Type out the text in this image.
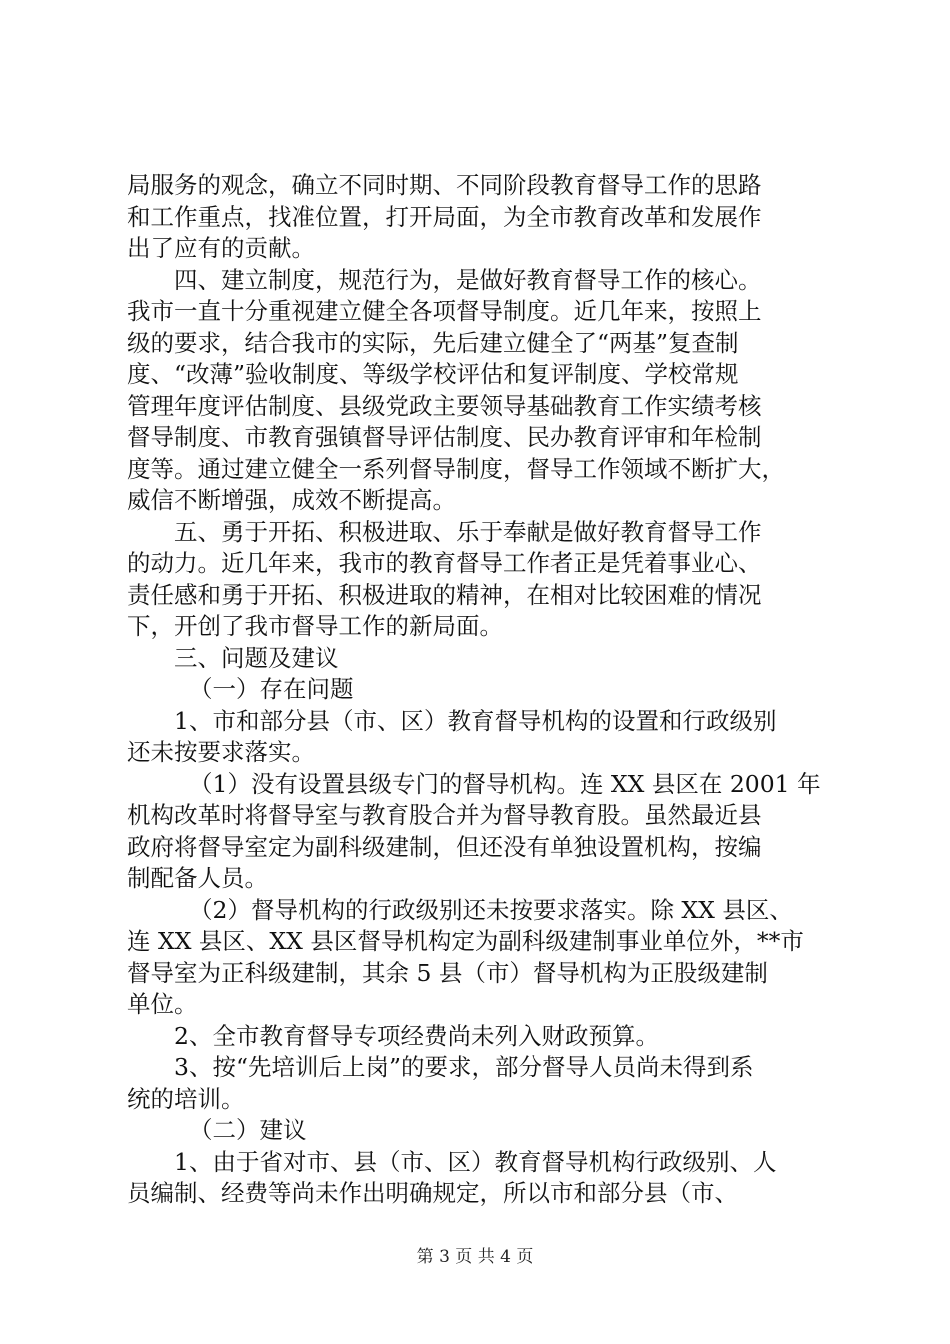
局服务的观念，确立不同时期、不同阶段教育督导工作的思路
和工作重点，找准位置，打开局面，为全市教育改革和发展作
出了应有的贡献。
四、建立制度，规范行为，是做好教育督导工作的核心。
我市一直十分重视建立健全各项督导制度。近几年来，按照上
级的要求，结合我市的实际，先后建立健全了“两基”复查制
度、“改薄”验收制度、等级学校评估和复评制度、学校常规
管理年度评估制度、县级党政主要领导基础教育工作实绩考核
督导制度、市教育强镇督导评估制度、民办教育评审和年检制
度等。通过建立健全一系列督导制度，督导工作领域不断扩大，
威信不断增强，成效不断提高。
五、勇于开拓、积极进取、乐于奉献是做好教育督导工作
的动力。近几年来，我市的教育督导工作者正是凭着事业心、
责任感和勇于开拓、积极进取的精神，在相对比较困难的情况
下，开创了我市督导工作的新局面。
三、问题及建议
（一）存在问题
1、市和部分县（市、区）教育督导机构的设置和行政级别
还未按要求落实。
（1）没有设置县级专门的督导机构。连 XX 县区在 2001 年
机构改革时将督导室与教育股合并为督导教育股。虽然最近县
政府将督导室定为副科级建制，但还没有单独设置机构，按编
制配备人员。
（2）督导机构的行政级别还未按要求落实。除 XX 县区、
连 XX 县区、XX 县区督导机构定为副科级建制事业单位外，**市
督导室为正科级建制，其余 5 县（市）督导机构为正股级建制
单位。
2、全市教育督导专项经费尚未列入财政预算。
3、按“先培训后上岗”的要求，部分督导人员尚未得到系
统的培训。
（二）建议
1、由于省对市、县（市、区）教育督导机构行政级别、人
员编制、经费等尚未作出明确规定，所以市和部分县（市、
第 3 页 共 4 页
